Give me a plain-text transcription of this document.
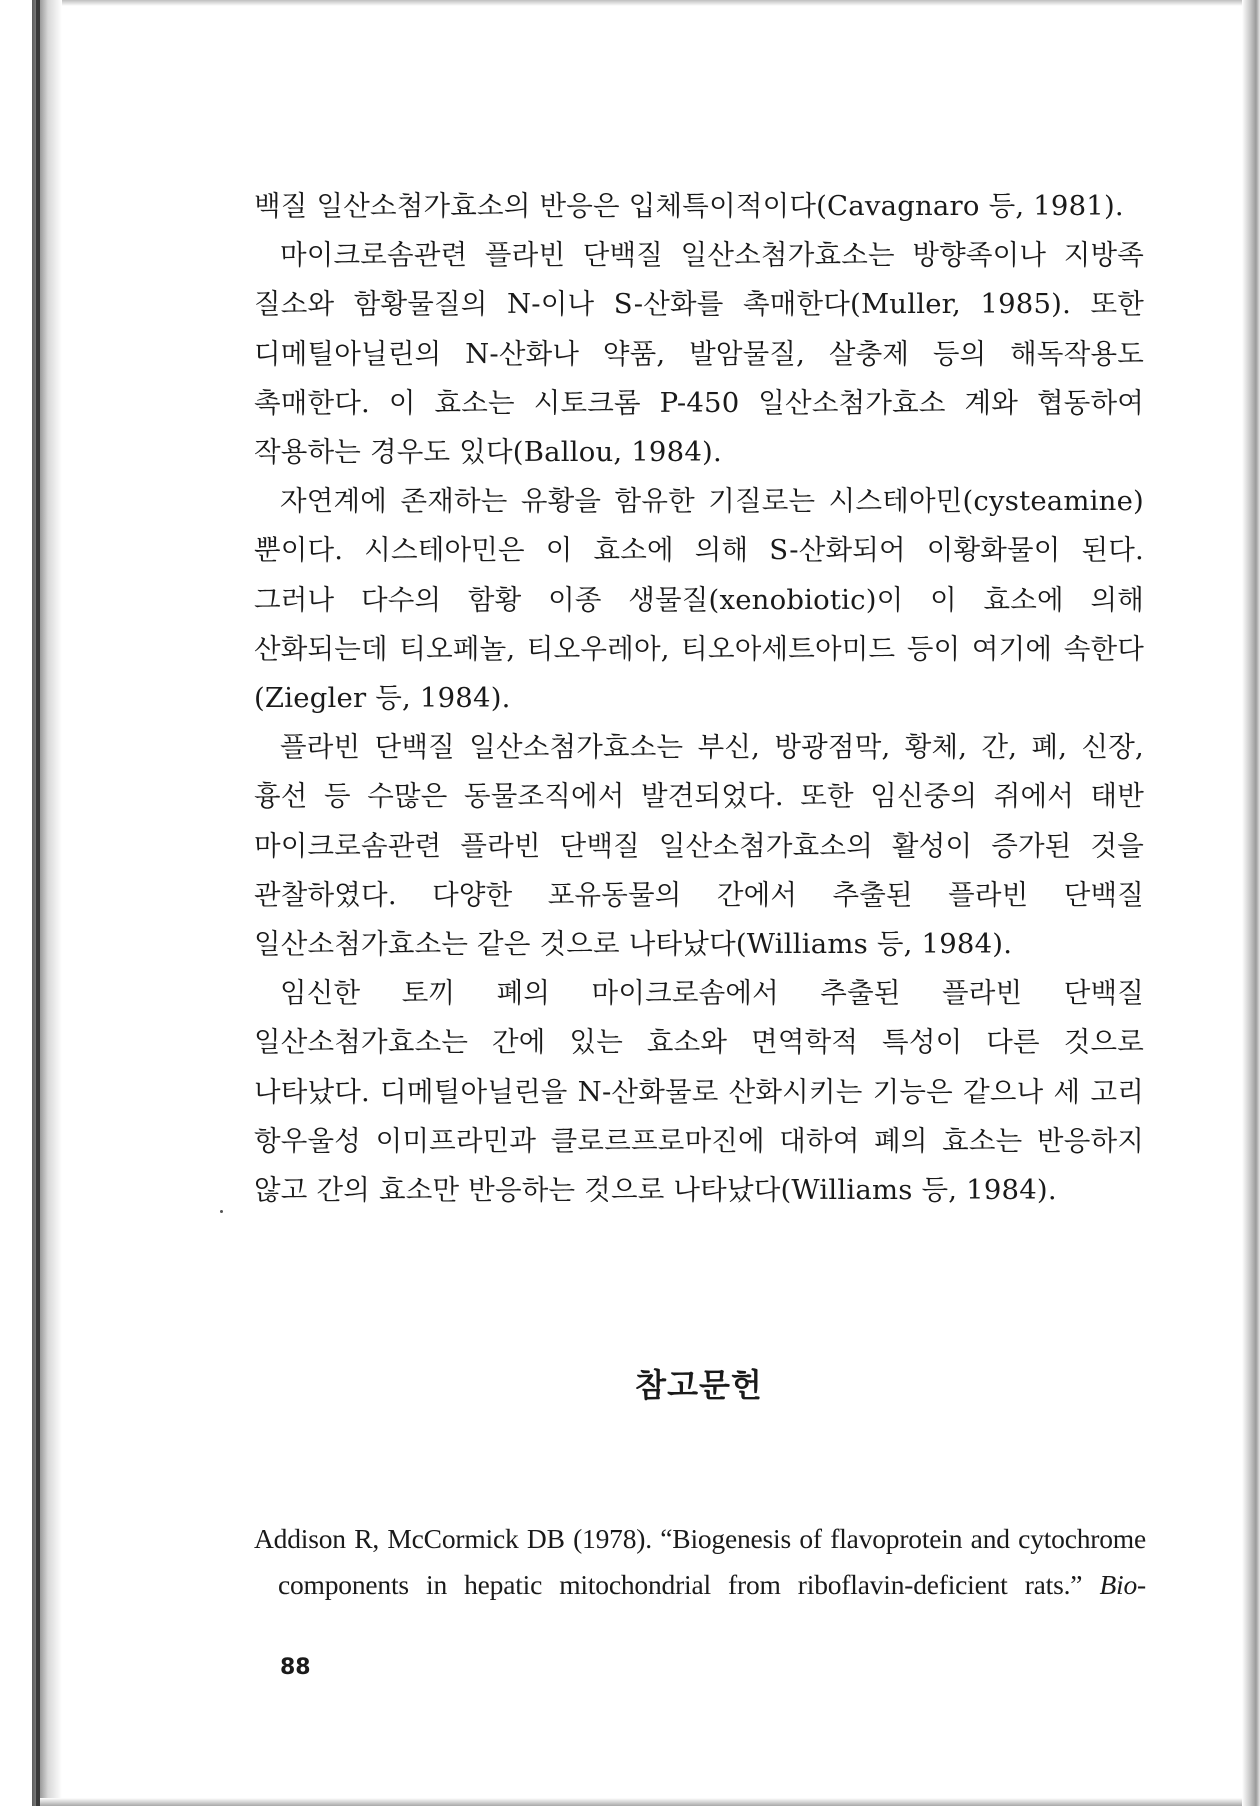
백질 일산소첨가효소의 반응은 입체특이적이다(Cavagnaro 등, 1981).

마이크로솜관련 플라빈 단백질 일산소첨가효소는 방향족이나 지방족 질소와 함황물질의 N-이나 S-산화를 촉매한다(Muller, 1985). 또한 디메틸아닐린의 N-산화나 약품, 발암물질, 살충제 등의 해독작용도 촉매한다. 이 효소는 시토크롬 P-450 일산소첨가효소 계와 협동하여 작용하는 경우도 있다(Ballou, 1984).

자연계에 존재하는 유황을 함유한 기질로는 시스테아민(cysteamine)뿐이다. 시스테아민은 이 효소에 의해 S-산화되어 이황화물이 된다. 그러나 다수의 함황 이종 생물질(xenobiotic)이 이 효소에 의해 산화되는데 티오페놀, 티오우레아, 티오아세트아미드 등이 여기에 속한다(Ziegler 등, 1984).

플라빈 단백질 일산소첨가효소는 부신, 방광점막, 황체, 간, 폐, 신장, 흉선 등 수많은 동물조직에서 발견되었다. 또한 임신중의 쥐에서 태반 마이크로솜관련 플라빈 단백질 일산소첨가효소의 활성이 증가된 것을 관찰하였다. 다양한 포유동물의 간에서 추출된 플라빈 단백질 일산소첨가효소는 같은 것으로 나타났다(Williams 등, 1984).

임신한 토끼 폐의 마이크로솜에서 추출된 플라빈 단백질 일산소첨가효소는 간에 있는 효소와 면역학적 특성이 다른 것으로 나타났다. 디메틸아닐린을 N-산화물로 산화시키는 기능은 같으나 세 고리 항우울성 이미프라민과 클로르프로마진에 대하여 폐의 효소는 반응하지 않고 간의 효소만 반응하는 것으로 나타났다(Williams 등, 1984).

참고문헌
Addison R, McCormick DB (1978). “Biogenesis of flavoprotein and cytochrome components in hepatic mitochondrial from riboflavin-deficient rats.” Bio-
88
